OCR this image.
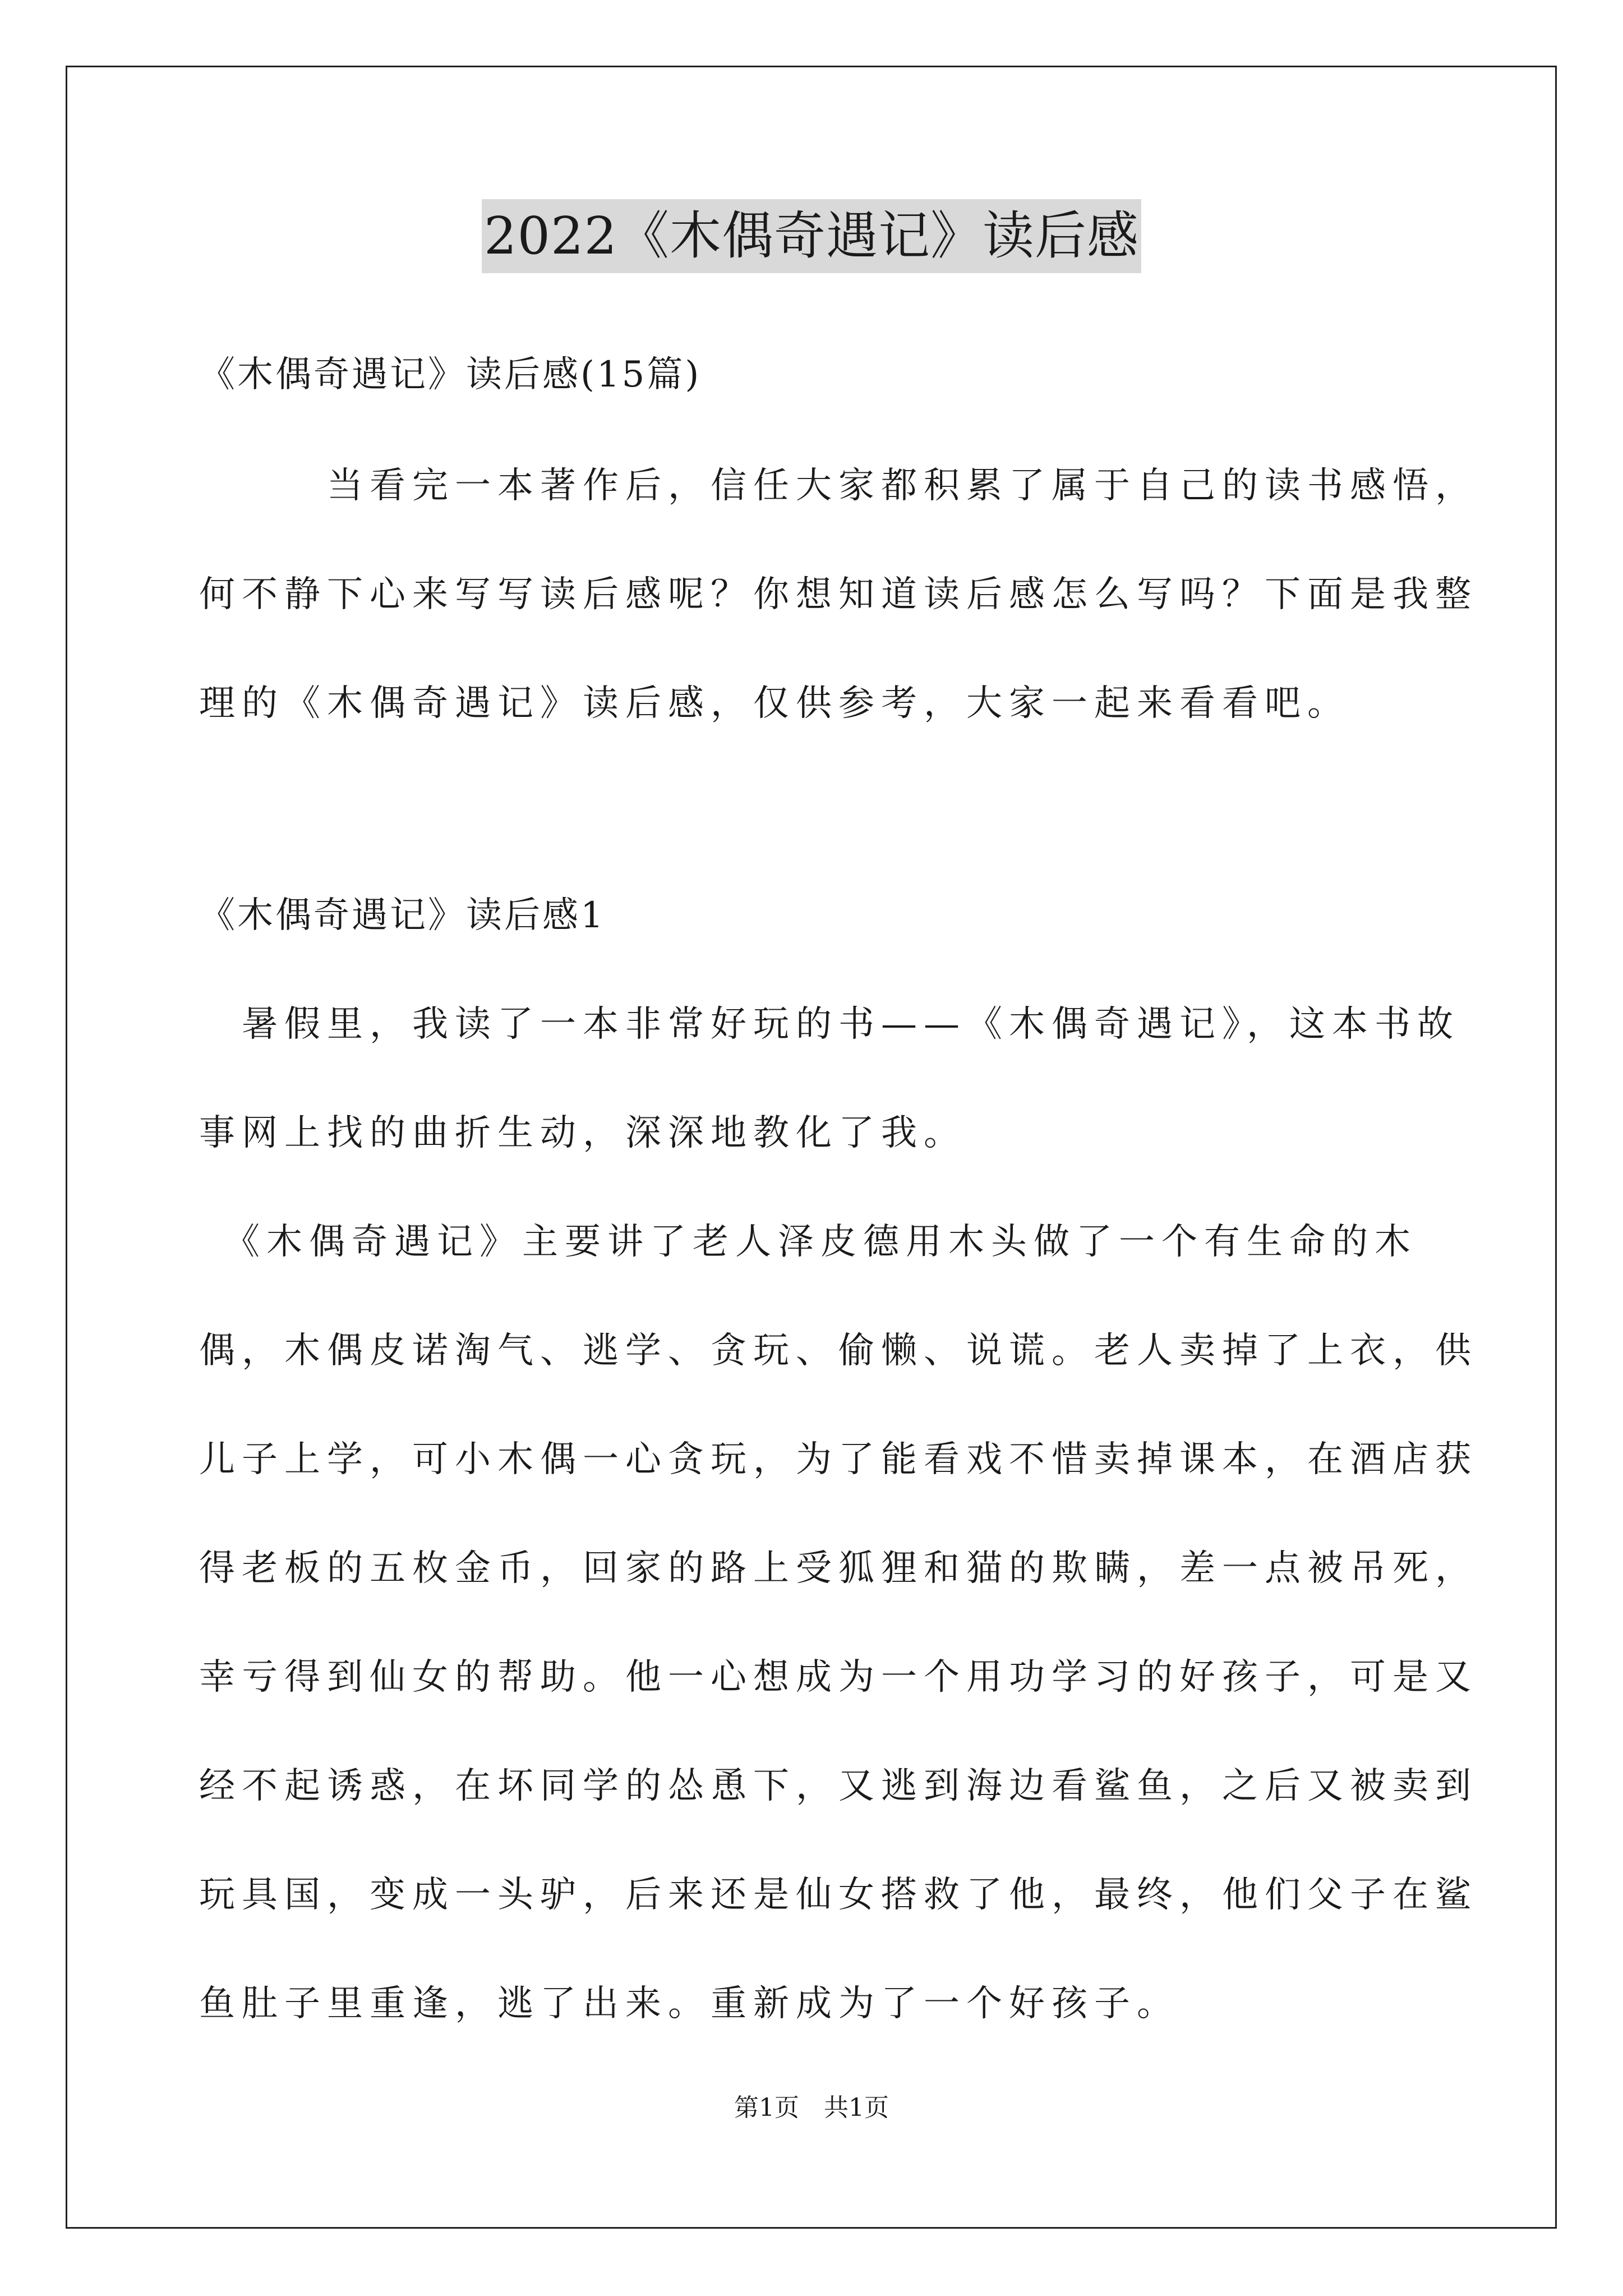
2022《木偶奇遇记》读后感
《木偶奇遇记》读后感(15篇)
　　　当看完一本著作后，信任大家都积累了属于自己的读书感悟，
何不静下心来写写读后感呢？你想知道读后感怎么写吗？下面是我整
理的《木偶奇遇记》读后感，仅供参考，大家一起来看看吧。
《木偶奇遇记》读后感1
　暑假里，我读了一本非常好玩的书——《木偶奇遇记》，这本书故
事网上找的曲折生动，深深地教化了我。
　《木偶奇遇记》主要讲了老人泽皮德用木头做了一个有生命的木
偶，木偶皮诺淘气、逃学、贪玩、偷懒、说谎。老人卖掉了上衣，供
儿子上学，可小木偶一心贪玩，为了能看戏不惜卖掉课本，在酒店获
得老板的五枚金币，回家的路上受狐狸和猫的欺瞒，差一点被吊死，
幸亏得到仙女的帮助。他一心想成为一个用功学习的好孩子，可是又
经不起诱惑，在坏同学的怂恿下，又逃到海边看鲨鱼，之后又被卖到
玩具国，变成一头驴，后来还是仙女搭救了他，最终，他们父子在鲨
鱼肚子里重逢，逃了出来。重新成为了一个好孩子。
第1页　共1页
